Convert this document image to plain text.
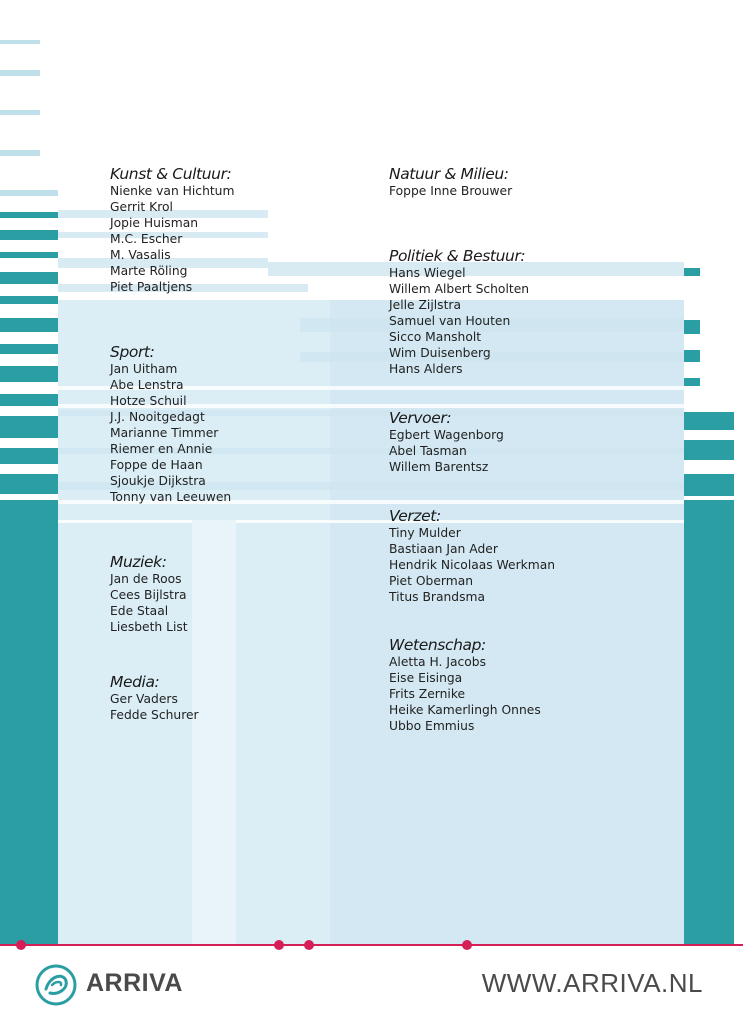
Kunst & Cultuur:
Nienke van Hichtum
Gerrit Krol
Jopie Huisman
M.C. Escher
M. Vasalis
Marte Röling
Piet Paaltjens
Sport:
Jan Uitham
Abe Lenstra
Hotze Schuil
J.J. Nooitgedagt
Marianne Timmer
Riemer en Annie
Foppe de Haan
Sjoukje Dijkstra
Tonny van Leeuwen
Muziek:
Jan de Roos
Cees Bijlstra
Ede Staal
Liesbeth List
Media:
Ger Vaders
Fedde Schurer
Natuur & Milieu:
Foppe Inne Brouwer
Politiek & Bestuur:
Hans Wiegel
Willem Albert Scholten
Jelle Zijlstra
Samuel van Houten
Sicco Mansholt
Wim Duisenberg
Hans Alders
Vervoer:
Egbert Wagenborg
Abel Tasman
Willem Barentsz
Verzet:
Tiny Mulder
Bastiaan Jan Ader
Hendrik Nicolaas Werkman
Piet Oberman
Titus Brandsma
Wetenschap:
Aletta H. Jacobs
Eise Eisinga
Frits Zernike
Heike Kamerlingh Onnes
Ubbo Emmius
ARRIVA	WWW.ARRIVA.NL
